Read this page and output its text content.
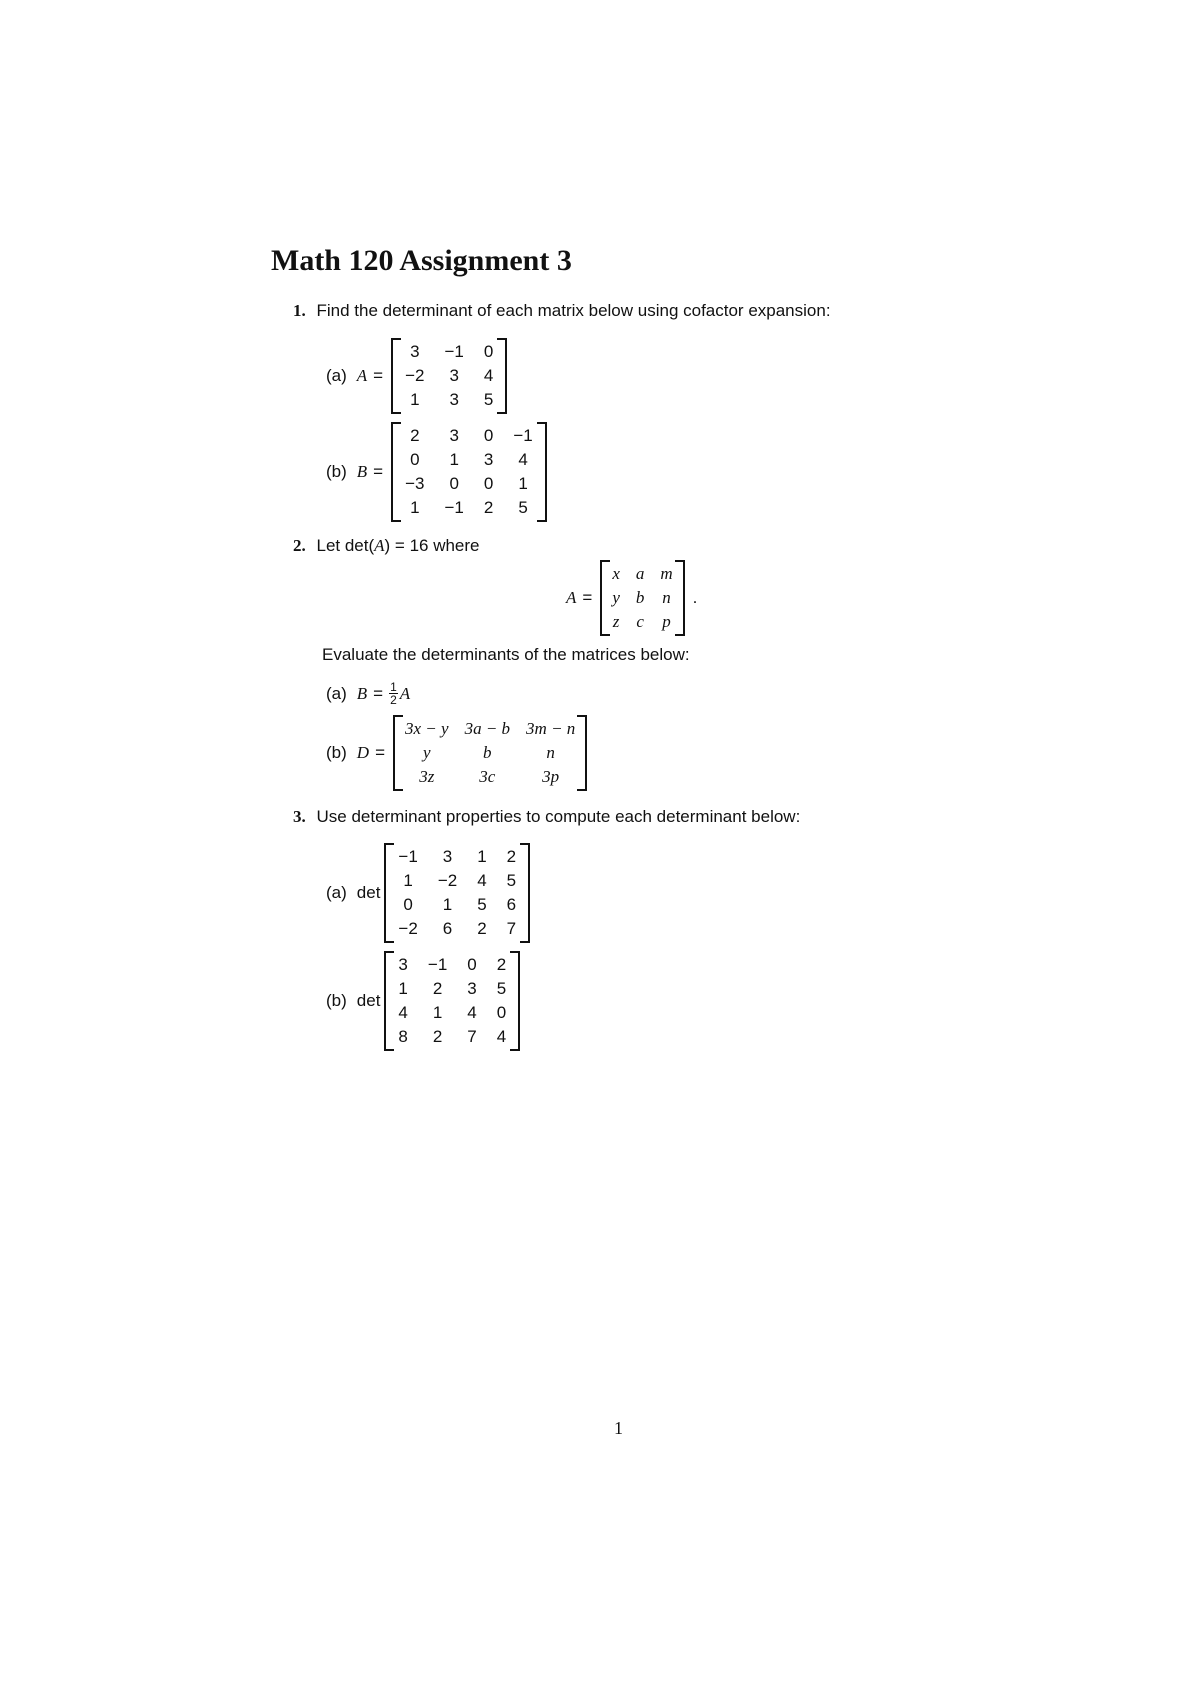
Math 120 Assignment 3
1. Find the determinant of each matrix below using cofactor expansion:
(a) A =
3	−1	0
−2	3	4
1	3	5
(b) B =
2	3	0	−1
0	1	3	4
−3	0	0	1
1	−1	2	5
2. Let det(A) = 16 where
A =
x	a	m
y	b	n
z	c	p
.
Evaluate the determinants of the matrices below:
(a) $B = \frac{1}{2}$ A
(b) D =
3x − y	3a − b	3m − n
y	b	n
3z	3c	3p
3. Use determinant properties to compute each determinant below:
(a) det
−1	3	1	2
1	−2	4	5
0	1	5	6
−2	6	2	7
(b) det
3	−1	0	2
1	2	3	5
4	1	4	0
8	2	7	4
1
